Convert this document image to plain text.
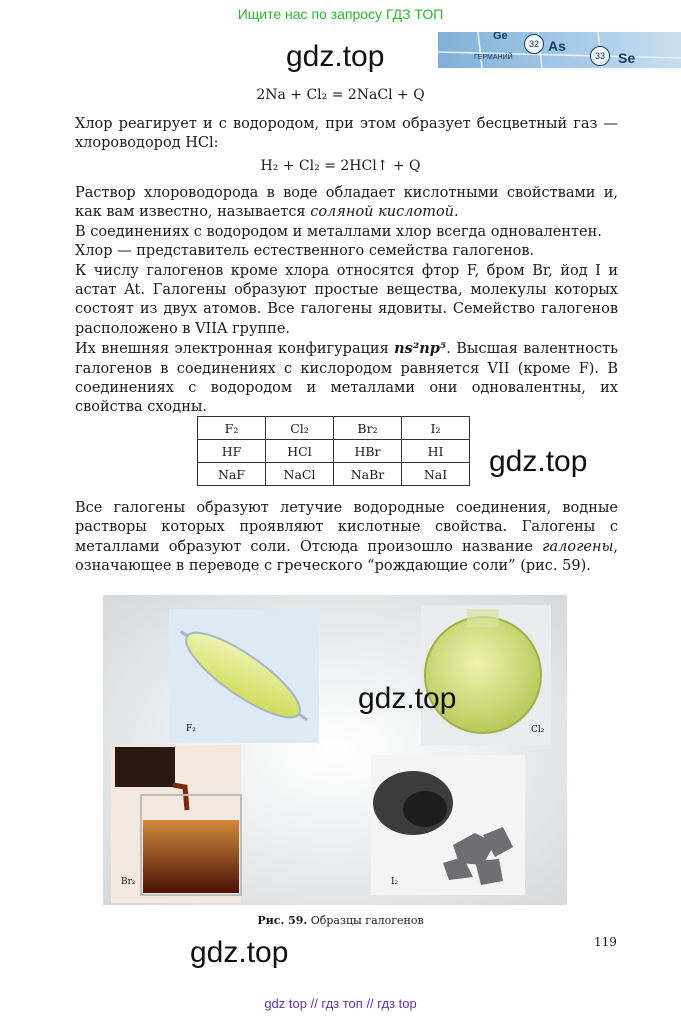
Ищите нас по запросу ГДЗ ТОП
Ge
32 As
33 Se
ГЕРМАНИЙ
gdz.top
gdz.top
gdz.top
2Na + Cl₂ = 2NaCl + Q

Хлор реагирует и с водородом, при этом образует бесцветный газ — хлороводород HCl:

H₂ + Cl₂ = 2HCl↑ + Q

Раствор хлороводорода в воде обладает кислотными свойствами и, как вам известно, называется соляной кислотой.

В соединениях с водородом и металлами хлор всегда одновалентен.

Хлор — представитель естественного семейства галогенов.

К числу галогенов кроме хлора относятся фтор F, бром Br, йод I и астат At. Галогены образуют простые вещества, молекулы которых состоят из двух атомов. Все галогены ядовиты. Семейство галогенов расположено в VIIA группе.

Их внешняя электронная конфигурация ns²np⁵. Высшая валентность галогенов в соединениях с кислородом равняется VII (кроме F). В соединениях с водородом и металлами они одновалентны, их свойства сходны.

F₂	Cl₂	Br₂	I₂
HF	HCl	HBr	HI
NaF	NaCl	NaBr	NaI

Все галогены образуют летучие водородные соединения, водные растворы которых проявляют кислотные свойства. Галогены с металлами образуют соли. Отсюда произошло название галогены, означающее в переводе с греческого “рождающие соли” (рис. 59).

gdz.top
F₂	Cl₂
Br₂	I₂
Рис. 59. Образцы галогенов
119
gdz top // гдз топ // гдз top
